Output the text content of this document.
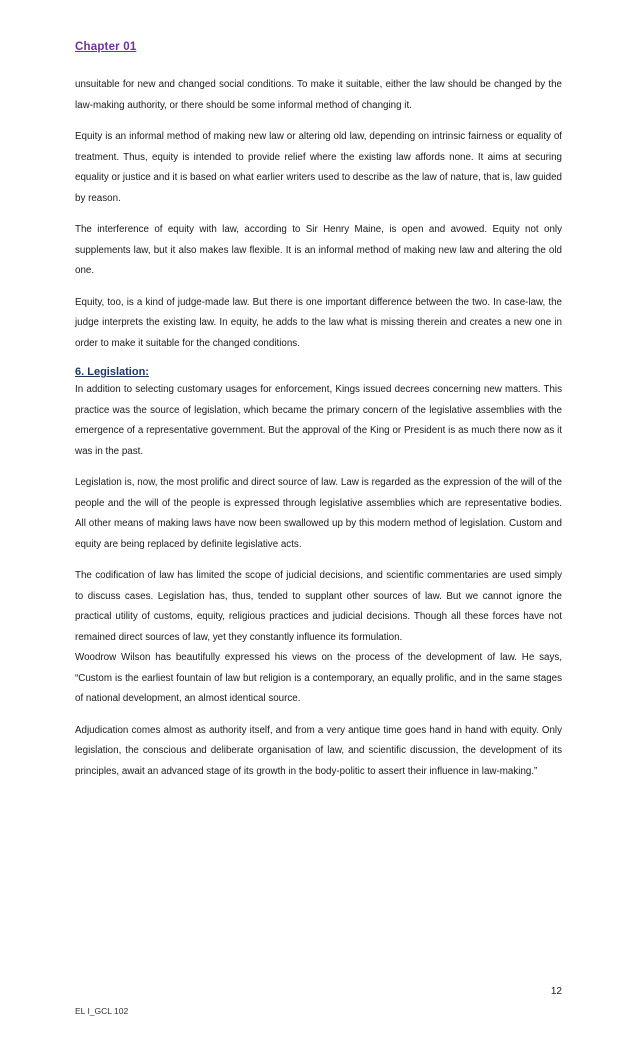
Chapter 01

unsuitable for new and changed social conditions. To make it suitable, either the law should be changed by the law-making authority, or there should be some informal method of changing it.

Equity is an informal method of making new law or altering old law, depending on intrinsic fairness or equality of treatment. Thus, equity is intended to provide relief where the existing law affords none. It aims at securing equality or justice and it is based on what earlier writers used to describe as the law of nature, that is, law guided by reason.

The interference of equity with law, according to Sir Henry Maine, is open and avowed. Equity not only supplements law, but it also makes law flexible. It is an informal method of making new law and altering the old one.

Equity, too, is a kind of judge-made law. But there is one important difference between the two. In case-law, the judge interprets the existing law. In equity, he adds to the law what is missing therein and creates a new one in order to make it suitable for the changed conditions.

6. Legislation:

In addition to selecting customary usages for enforcement, Kings issued decrees concerning new matters. This practice was the source of legislation, which became the primary concern of the legislative assemblies with the emergence of a representative government. But the approval of the King or President is as much there now as it was in the past.

Legislation is, now, the most prolific and direct source of law. Law is regarded as the expression of the will of the people and the will of the people is expressed through legislative assemblies which are representative bodies. All other means of making laws have now been swallowed up by this modern method of legislation. Custom and equity are being replaced by definite legislative acts.

The codification of law has limited the scope of judicial decisions, and scientific commentaries are used simply to discuss cases. Legislation has, thus, tended to supplant other sources of law. But we cannot ignore the practical utility of customs, equity, religious practices and judicial decisions. Though all these forces have not remained direct sources of law, yet they constantly influence its formulation.

Woodrow Wilson has beautifully expressed his views on the process of the development of law. He says, “Custom is the earliest fountain of law but religion is a contemporary, an equally prolific, and in the same stages of national development, an almost identical source.

Adjudication comes almost as authority itself, and from a very antique time goes hand in hand with equity. Only legislation, the conscious and deliberate organisation of law, and scientific discussion, the development of its principles, await an advanced stage of its growth in the body-politic to assert their influence in law-making.”

12
EL I_GCL 102
